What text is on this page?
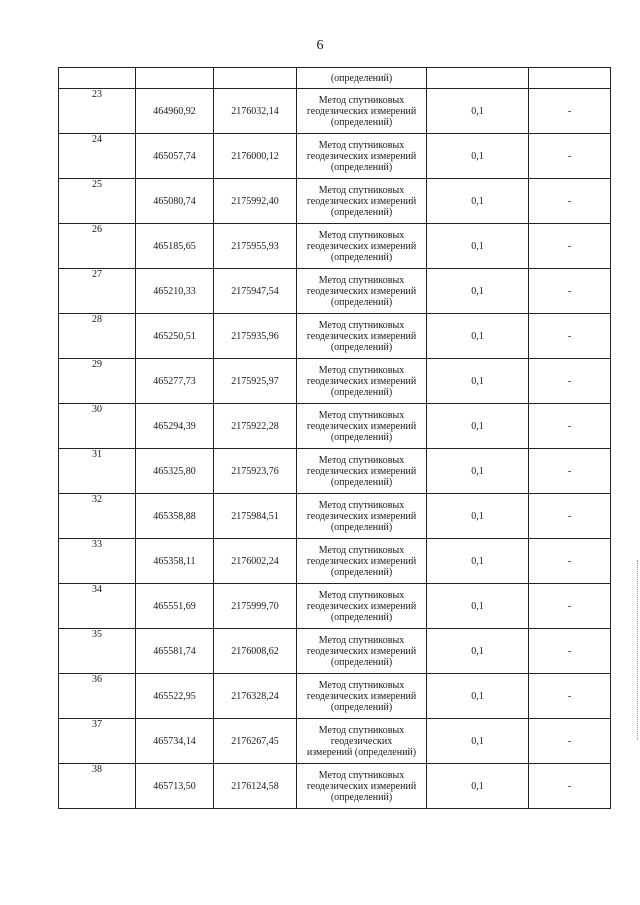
6
			(определений)		
23	464960,92	2176032,14	Метод спутниковых
геодезических измерений
(определений)	0,1	-
24	465057,74	2176000,12	Метод спутниковых
геодезических измерений
(определений)	0,1	-
25	465080,74	2175992,40	Метод спутниковых
геодезических измерений
(определений)	0,1	-
26	465185,65	2175955,93	Метод спутниковых
геодезических измерений
(определений)	0,1	-
27	465210,33	2175947,54	Метод спутниковых
геодезических измерений
(определений)	0,1	-
28	465250,51	2175935,96	Метод спутниковых
геодезических измерений
(определений)	0,1	-
29	465277,73	2175925,97	Метод спутниковых
геодезических измерений
(определений)	0,1	-
30	465294,39	2175922,28	Метод спутниковых
геодезических измерений
(определений)	0,1	-
31	465325,80	2175923,76	Метод спутниковых
геодезических измерений
(определений)	0,1	-
32	465358,88	2175984,51	Метод спутниковых
геодезических измерений
(определений)	0,1	-
33	465358,11	2176002,24	Метод спутниковых
геодезических измерений
(определений)	0,1	-
34	465551,69	2175999,70	Метод спутниковых
геодезических измерений
(определений)	0,1	-
35	465581,74	2176008,62	Метод спутниковых
геодезических измерений
(определений)	0,1	-
36	465522,95	2176328,24	Метод спутниковых
геодезических измерений
(определений)	0,1	-
37	465734,14	2176267,45	Метод спутниковых
геодезических
измерений (определений)	0,1	-
38	465713,50	2176124,58	Метод спутниковых
геодезических измерений
(определений)	0,1	-
